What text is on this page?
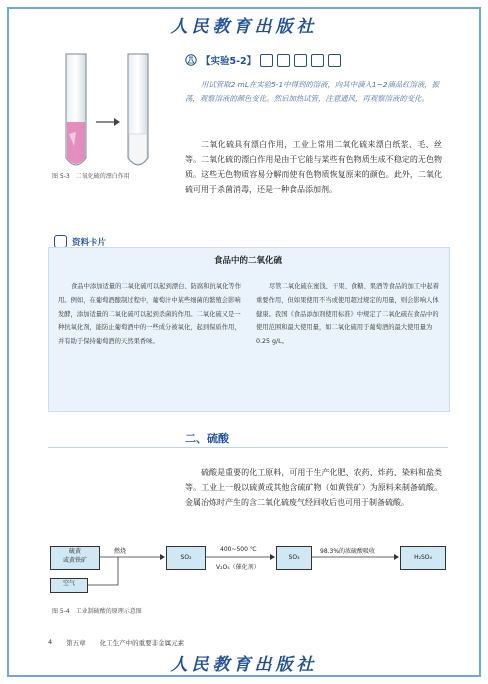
人民教育出版社
图 5-3　二氧化硫的漂白作用
【实验5-2】
用试管取2 mL在实验5-1中得到的溶液，向其中滴入1~2滴品红溶液，振荡，观察溶液的颜色变化。然后加热试管，注意通风，再观察溶液的变化。
二氧化硫具有漂白作用，工业上常用二氧化硫来漂白纸浆、毛、丝等。二氧化硫的漂白作用是由于它能与某些有色物质生成不稳定的无色物质。这些无色物质容易分解而使有色物质恢复原来的颜色。此外，二氧化硫可用于杀菌消毒，还是一种食品添加剂。
资料卡片
食品中的二氧化硫
食品中添加适量的二氧化硫可以起到漂白、防腐和抗氧化等作用。例如，在葡萄酒酿制过程中，葡萄汁中某些细菌的繁殖会影响发酵，添加适量的二氧化硫可以起到杀菌的作用。二氧化硫又是一种抗氧化剂，能防止葡萄酒中的一些成分被氧化，起到保质作用，并有助于保持葡萄酒的天然果香味。
尽管二氧化硫在蜜饯、干果、食糖、果酒等食品的加工中起着重要作用，但如果使用不当或使用超过规定的用量，则会影响人体健康。我国《食品添加剂使用标准》中规定了二氧化硫在食品中的使用范围和最大使用量，如二氧化硫用于葡萄酒的最大使用量为0.25 g/L。
二、硫酸
硫酸是重要的化工原料，可用于生产化肥、农药、炸药、染料和盐类等。工业上一般以硫黄或其他含硫矿物（如黄铁矿）为原料来制备硫酸。金属冶炼时产生的含二氧化硫废气经回收后也可用于制备硫酸。
硫黄
或黄铁矿
空气
燃烧
SO₂
400~500 ℃
V₂O₅（催化剂）
SO₃
98.3%的浓硫酸吸收
H₂SO₄
图 5-4　工业制硫酸的原理示意图
4 第五章 化工生产中的重要非金属元素
人民教育出版社
